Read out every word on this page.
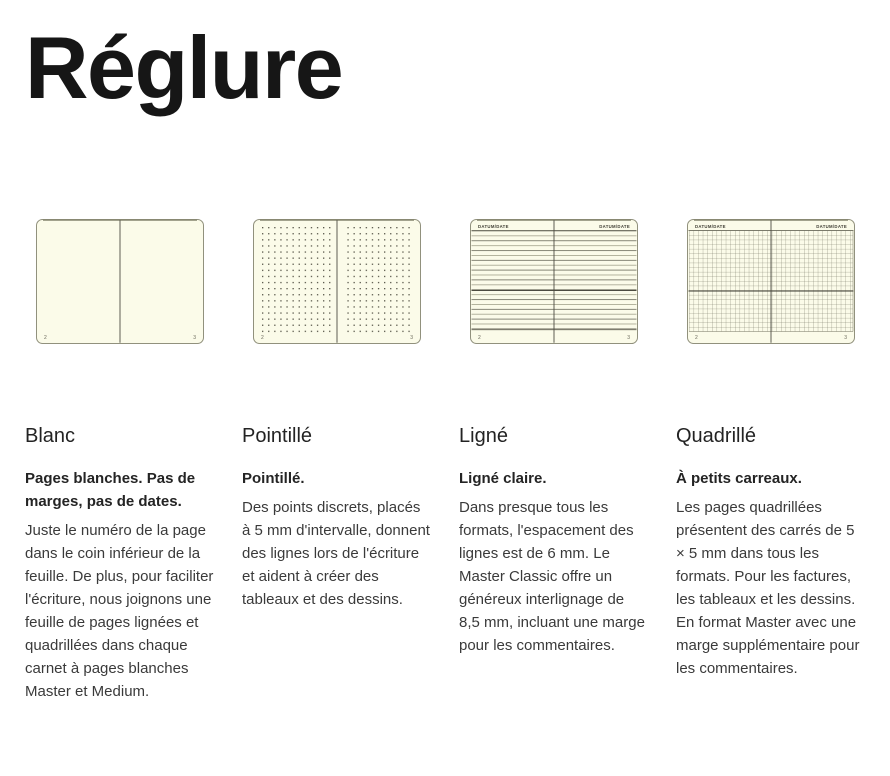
Réglure
2	3	2	3
DATUM/DATE	DATUM/DATE
2	3
DATUM/DATE	DATUM/DATE
2	3
Blanc

Pages blanches. Pas de marges, pas de dates.

Juste le numéro de la page dans le coin inférieur de la feuille. De plus, pour faciliter l'écriture, nous joignons une feuille de pages lignées et quadrillées dans chaque carnet à pages blanches Master et Medium.

Pointillé

Pointillé.

Des points discrets, placés à 5 mm d'intervalle, donnent des lignes lors de l'écriture et aident à créer des tableaux et des dessins.

Ligné

Ligné claire.

Dans presque tous les formats, l'espacement des lignes est de 6 mm. Le Master Classic offre un généreux interlignage de 8,5 mm, incluant une marge pour les commentaires.

Quadrillé

À petits carreaux.

Les pages quadrillées présentent des carrés de 5 × 5 mm dans tous les formats. Pour les factures, les tableaux et les dessins. En format Master avec une marge supplémentaire pour les commentaires.
